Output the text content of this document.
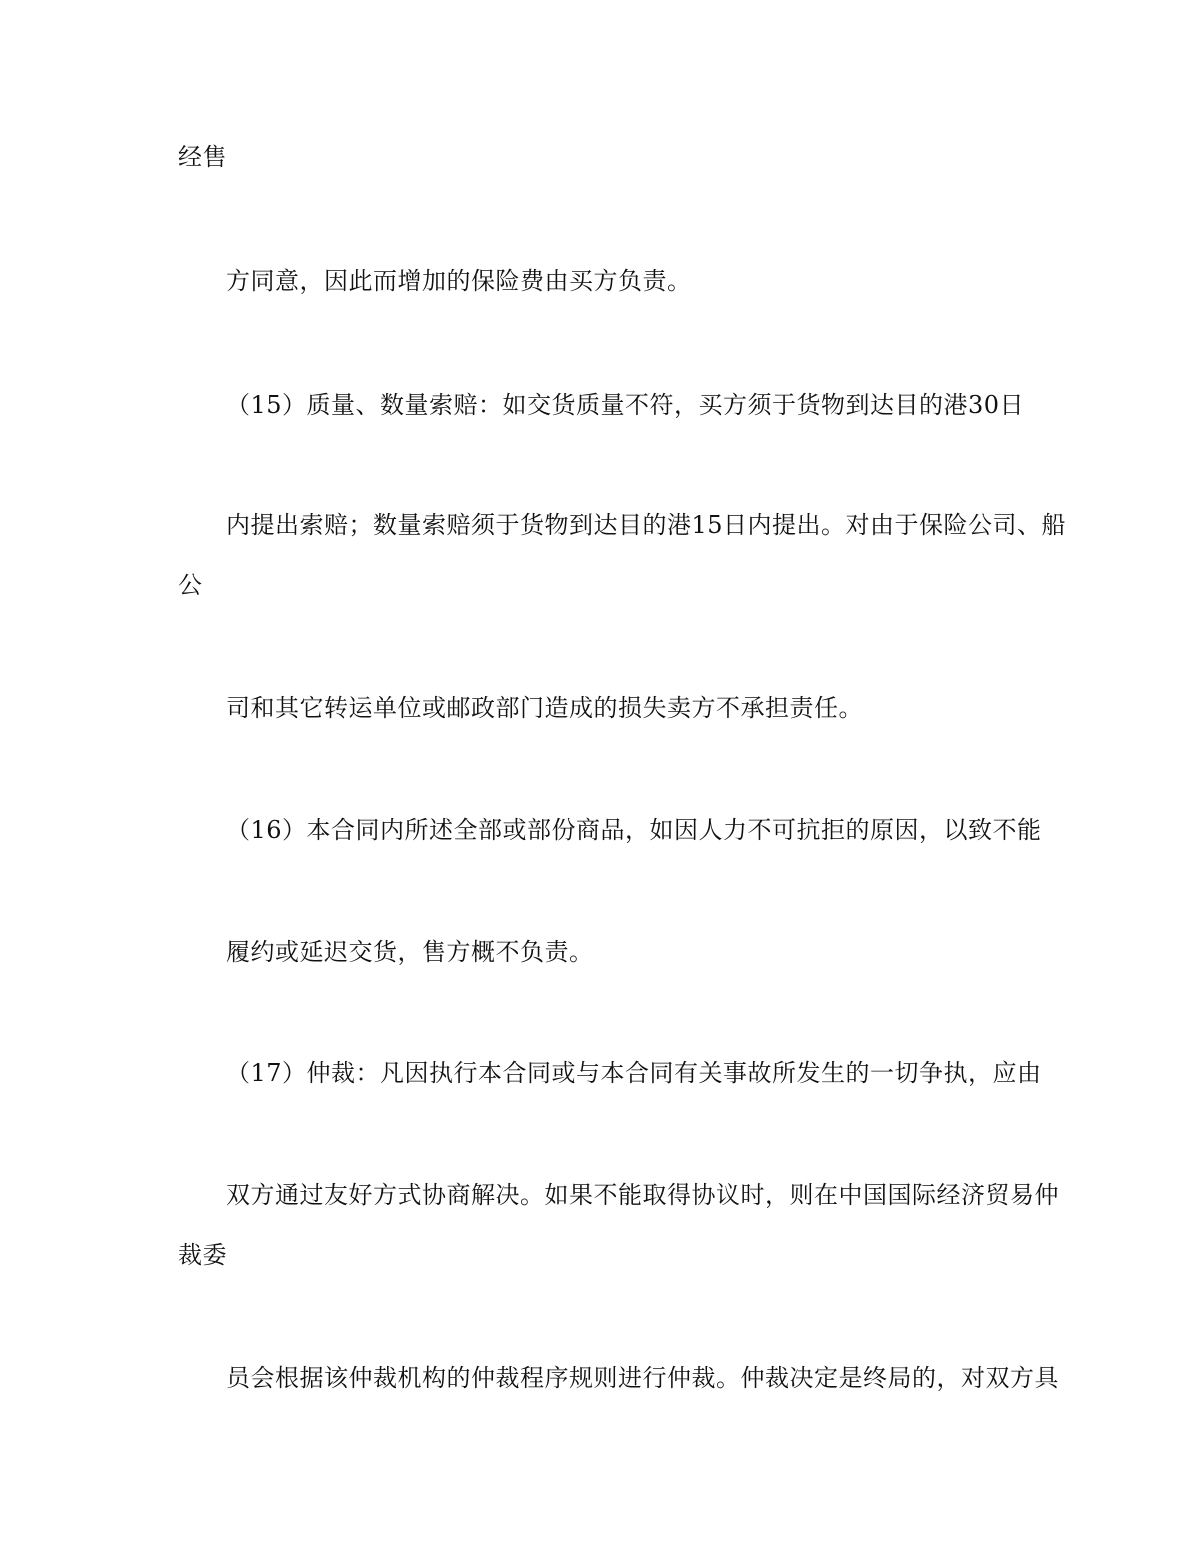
经售
方同意，因此而增加的保险费由买方负责。
（15）质量、数量索赔：如交货质量不符，买方须于货物到达目的港30日
内提出索赔；数量索赔须于货物到达目的港15日内提出。对由于保险公司、船
公
司和其它转运单位或邮政部门造成的损失卖方不承担责任。
（16）本合同内所述全部或部份商品，如因人力不可抗拒的原因，以致不能
履约或延迟交货，售方概不负责。
（17）仲裁：凡因执行本合同或与本合同有关事故所发生的一切争执，应由
双方通过友好方式协商解决。如果不能取得协议时，则在中国国际经济贸易仲
裁委
员会根据该仲裁机构的仲裁程序规则进行仲裁。仲裁决定是终局的，对双方具
